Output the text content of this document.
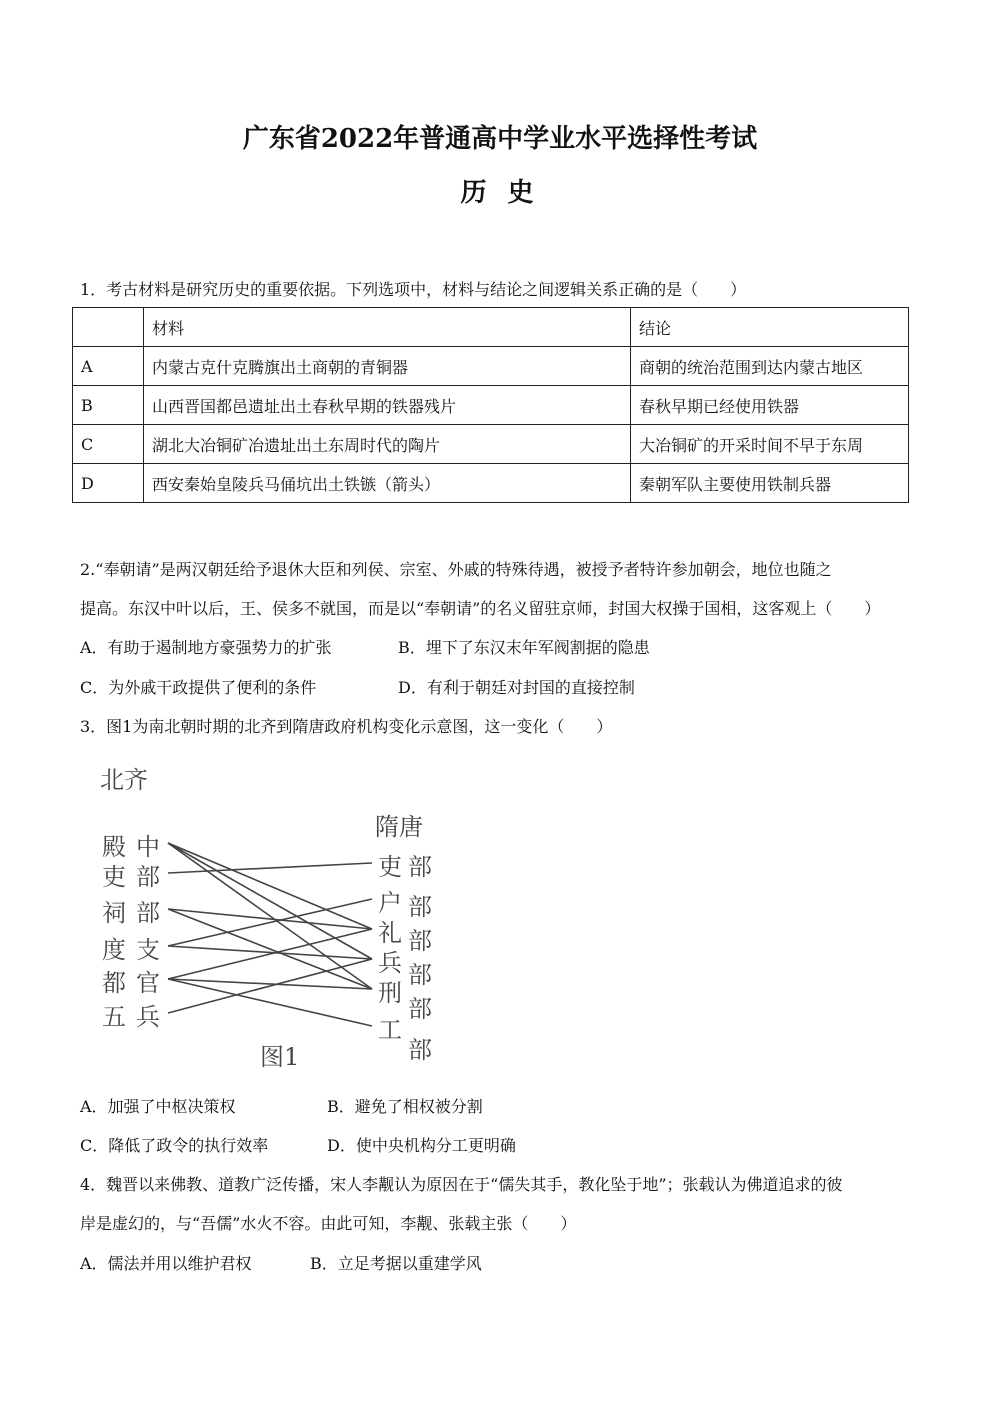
广东省2022年普通高中学业水平选择性考试
历 史
1．考古材料是研究历史的重要依据。下列选项中，材料与结论之间逻辑关系正确的是（　　）
	材料	结论
A	内蒙古克什克腾旗出土商朝的青铜器	商朝的统治范围到达内蒙古地区
B	山西晋国都邑遗址出土春秋早期的铁器残片	春秋早期已经使用铁器
C	湖北大冶铜矿冶遗址出土东周时代的陶片	大冶铜矿的开采时间不早于东周
D	西安秦始皇陵兵马俑坑出土铁镞（箭头）	秦朝军队主要使用铁制兵器
2.“奉朝请”是两汉朝廷给予退休大臣和列侯、宗室、外戚的特殊待遇，被授予者特许参加朝会，地位也随之
提高。东汉中叶以后，王、侯多不就国，而是以“奉朝请”的名义留驻京师，封国大权操于国相，这客观上（　　）
A．有助于遏制地方豪强势力的扩张	B．埋下了东汉末年军阀割据的隐患
C．为外戚干政提供了便利的条件	D．有利于朝廷对封国的直接控制
3．图1为南北朝时期的北齐到隋唐政府机构变化示意图，这一变化（　　）
北齐
隋唐
殿 中
吏 部
祠 部
度 支
都 官
五 兵
吏 部
户 部
礼 部
兵 部
刑
部
工
部
图1
A．加强了中枢决策权	B．避免了相权被分割
C．降低了政令的执行效率	D．使中央机构分工更明确
4．魏晋以来佛教、道教广泛传播，宋人李觏认为原因在于“儒失其手，教化坠于地”；张载认为佛道追求的彼
岸是虚幻的，与“吾儒”水火不容。由此可知，李觏、张载主张（　　）
A．儒法并用以维护君权	B．立足考据以重建学风
